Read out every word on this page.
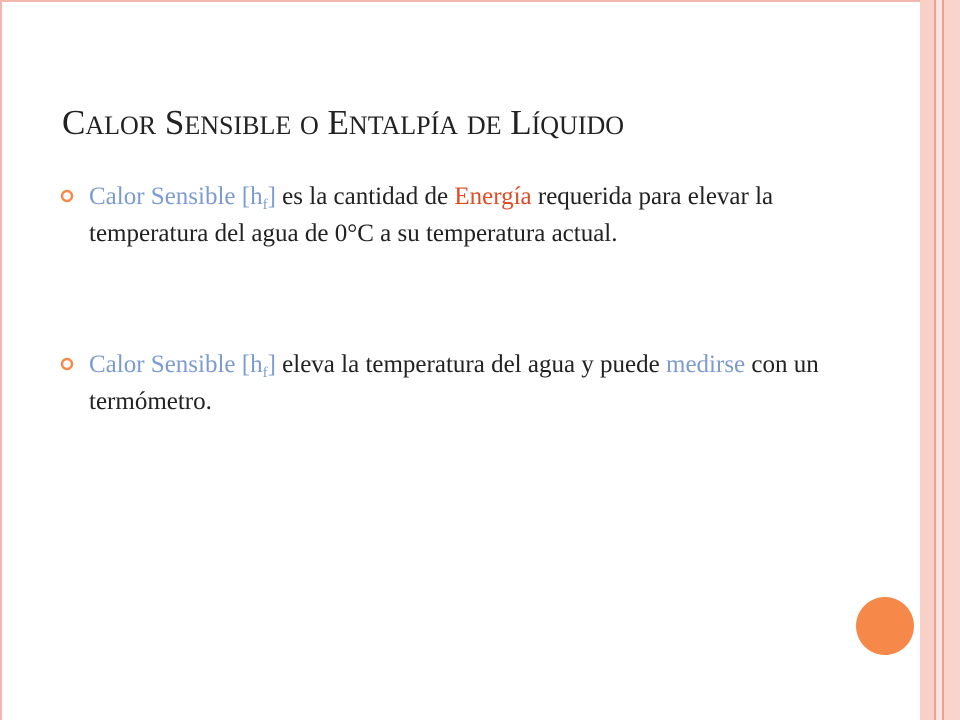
CALOR SENSIBLE O ENTALPÍA DE LÍQUIDO
Calor Sensible $[h_f]$ es la cantidad de Energía requerida para elevar la temperatura del agua de 0°C a su temperatura actual.
Calor Sensible $[h_f]$ eleva la temperatura del agua y puede medirse con un termómetro.
